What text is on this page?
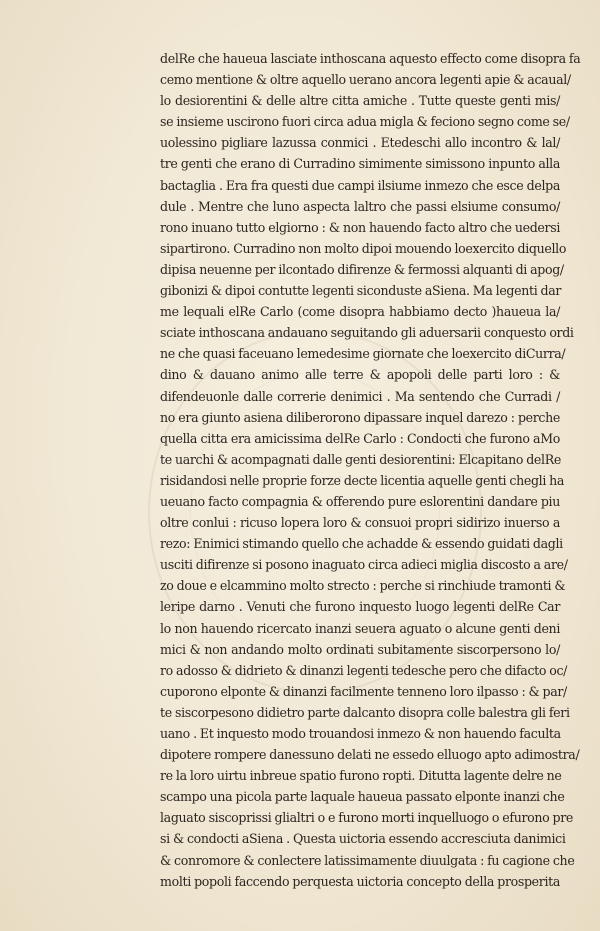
delRe che haueua lasciate inthoscana aquesto effecto come disopra fa
cemo mentione & oltre aquello uerano ancora legenti apie & acaual/
lo desiorentini & delle altre citta amiche . Tutte queste genti mis/
se insieme uscirono fuori circa adua migla & feciono segno come se/
uolessino pigliare lazussa conmici . Etedeschi allo incontro & lal/
tre genti che erano di Curradino simimente simissono inpunto alla
bactaglia . Era fra questi due campi ilsiume inmezo che esce delpa
dule . Mentre che luno aspecta laltro che passi elsiume consumo/
rono inuano tutto elgiorno : & non hauendo facto altro che uedersi
sipartirono. Curradino non molto dipoi mouendo loexercito diquello
dipisa neuenne per ilcontado difirenze & fermossi alquanti di apog/
gibonizi & dipoi contutte legenti siconduste aSiena. Ma legenti dar
me lequali elRe Carlo (come disopra habbiamo decto )haueua la/
sciate inthoscana andauano seguitando gli aduersarii conquesto ordi
ne che quasi faceuano lemedesime giornate che loexercito diCurra/
dino & dauano animo alle terre & apopoli delle parti loro : &
difendeuonle dalle correrie denimici . Ma sentendo che Curradi /
no era giunto asiena diliberorono dipassare inquel darezo : perche
quella citta era amicissima delRe Carlo : Condocti che furono aMo
te uarchi & acompagnati dalle genti desiorentini: Elcapitano delRe
risidandosi nelle proprie forze decte licentia aquelle genti chegli ha
ueuano facto compagnia & offerendo pure eslorentini dandare piu
oltre conlui : ricuso lopera loro & consuoi propri sidirizo inuerso a
rezo: Enimici stimando quello che achadde & essendo guidati dagli
usciti difirenze si posono inaguato circa adieci miglia discosto a are/
zo doue e elcammino molto strecto : perche si rinchiude tramonti &
leripe darno . Venuti che furono inquesto luogo legenti delRe Car
lo non hauendo ricercato inanzi seuera aguato o alcune genti deni
mici & non andando molto ordinati subitamente siscorpersono lo/
ro adosso & didrieto & dinanzi legenti tedesche pero che difacto oc/
cuporono elponte & dinanzi facilmente tenneno loro ilpasso : & par/
te siscorpesono didietro parte dalcanto disopra colle balestra gli feri
uano . Et inquesto modo trouandosi inmezo & non hauendo faculta
dipotere rompere danessuno delati ne essedo elluogo apto adimostra/
re la loro uirtu inbreue spatio furono ropti. Ditutta lagente delre ne
scampo una picola parte laquale haueua passato elponte inanzi che
laguato siscoprissi glialtri o e furono morti inquelluogo o efurono pre
si & condocti aSiena . Questa uictoria essendo accresciuta danimici
& conromore & conlectere latissimamente diuulgata : fu cagione che
molti popoli faccendo perquesta uictoria concepto della prosperita
